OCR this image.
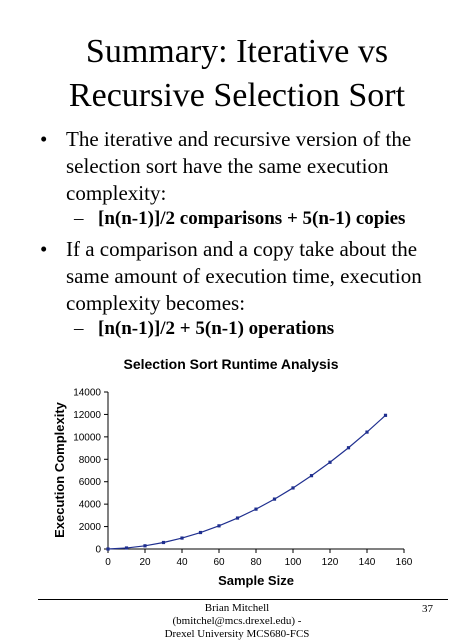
Summary: Iterative vs
Recursive Selection Sort
• The iterative and recursive version of the
selection sort have the same execution
complexity:
– [n(n-1)]/2 comparisons + 5(n-1) copies
• If a comparison and a copy take about the
same amount of execution time, execution
complexity becomes:
– [n(n-1)]/2 + 5(n-1) operations
Selection Sort Runtime Analysis
0
2000
4000
6000
8000
10000
12000
14000
0	20	40	60	80 100 120 140 160
Sample Size
Execution Complexity
Brian Mitchell
(bmitchel@mcs.drexel.edu) -
Drexel University MCS680-FCS
37
